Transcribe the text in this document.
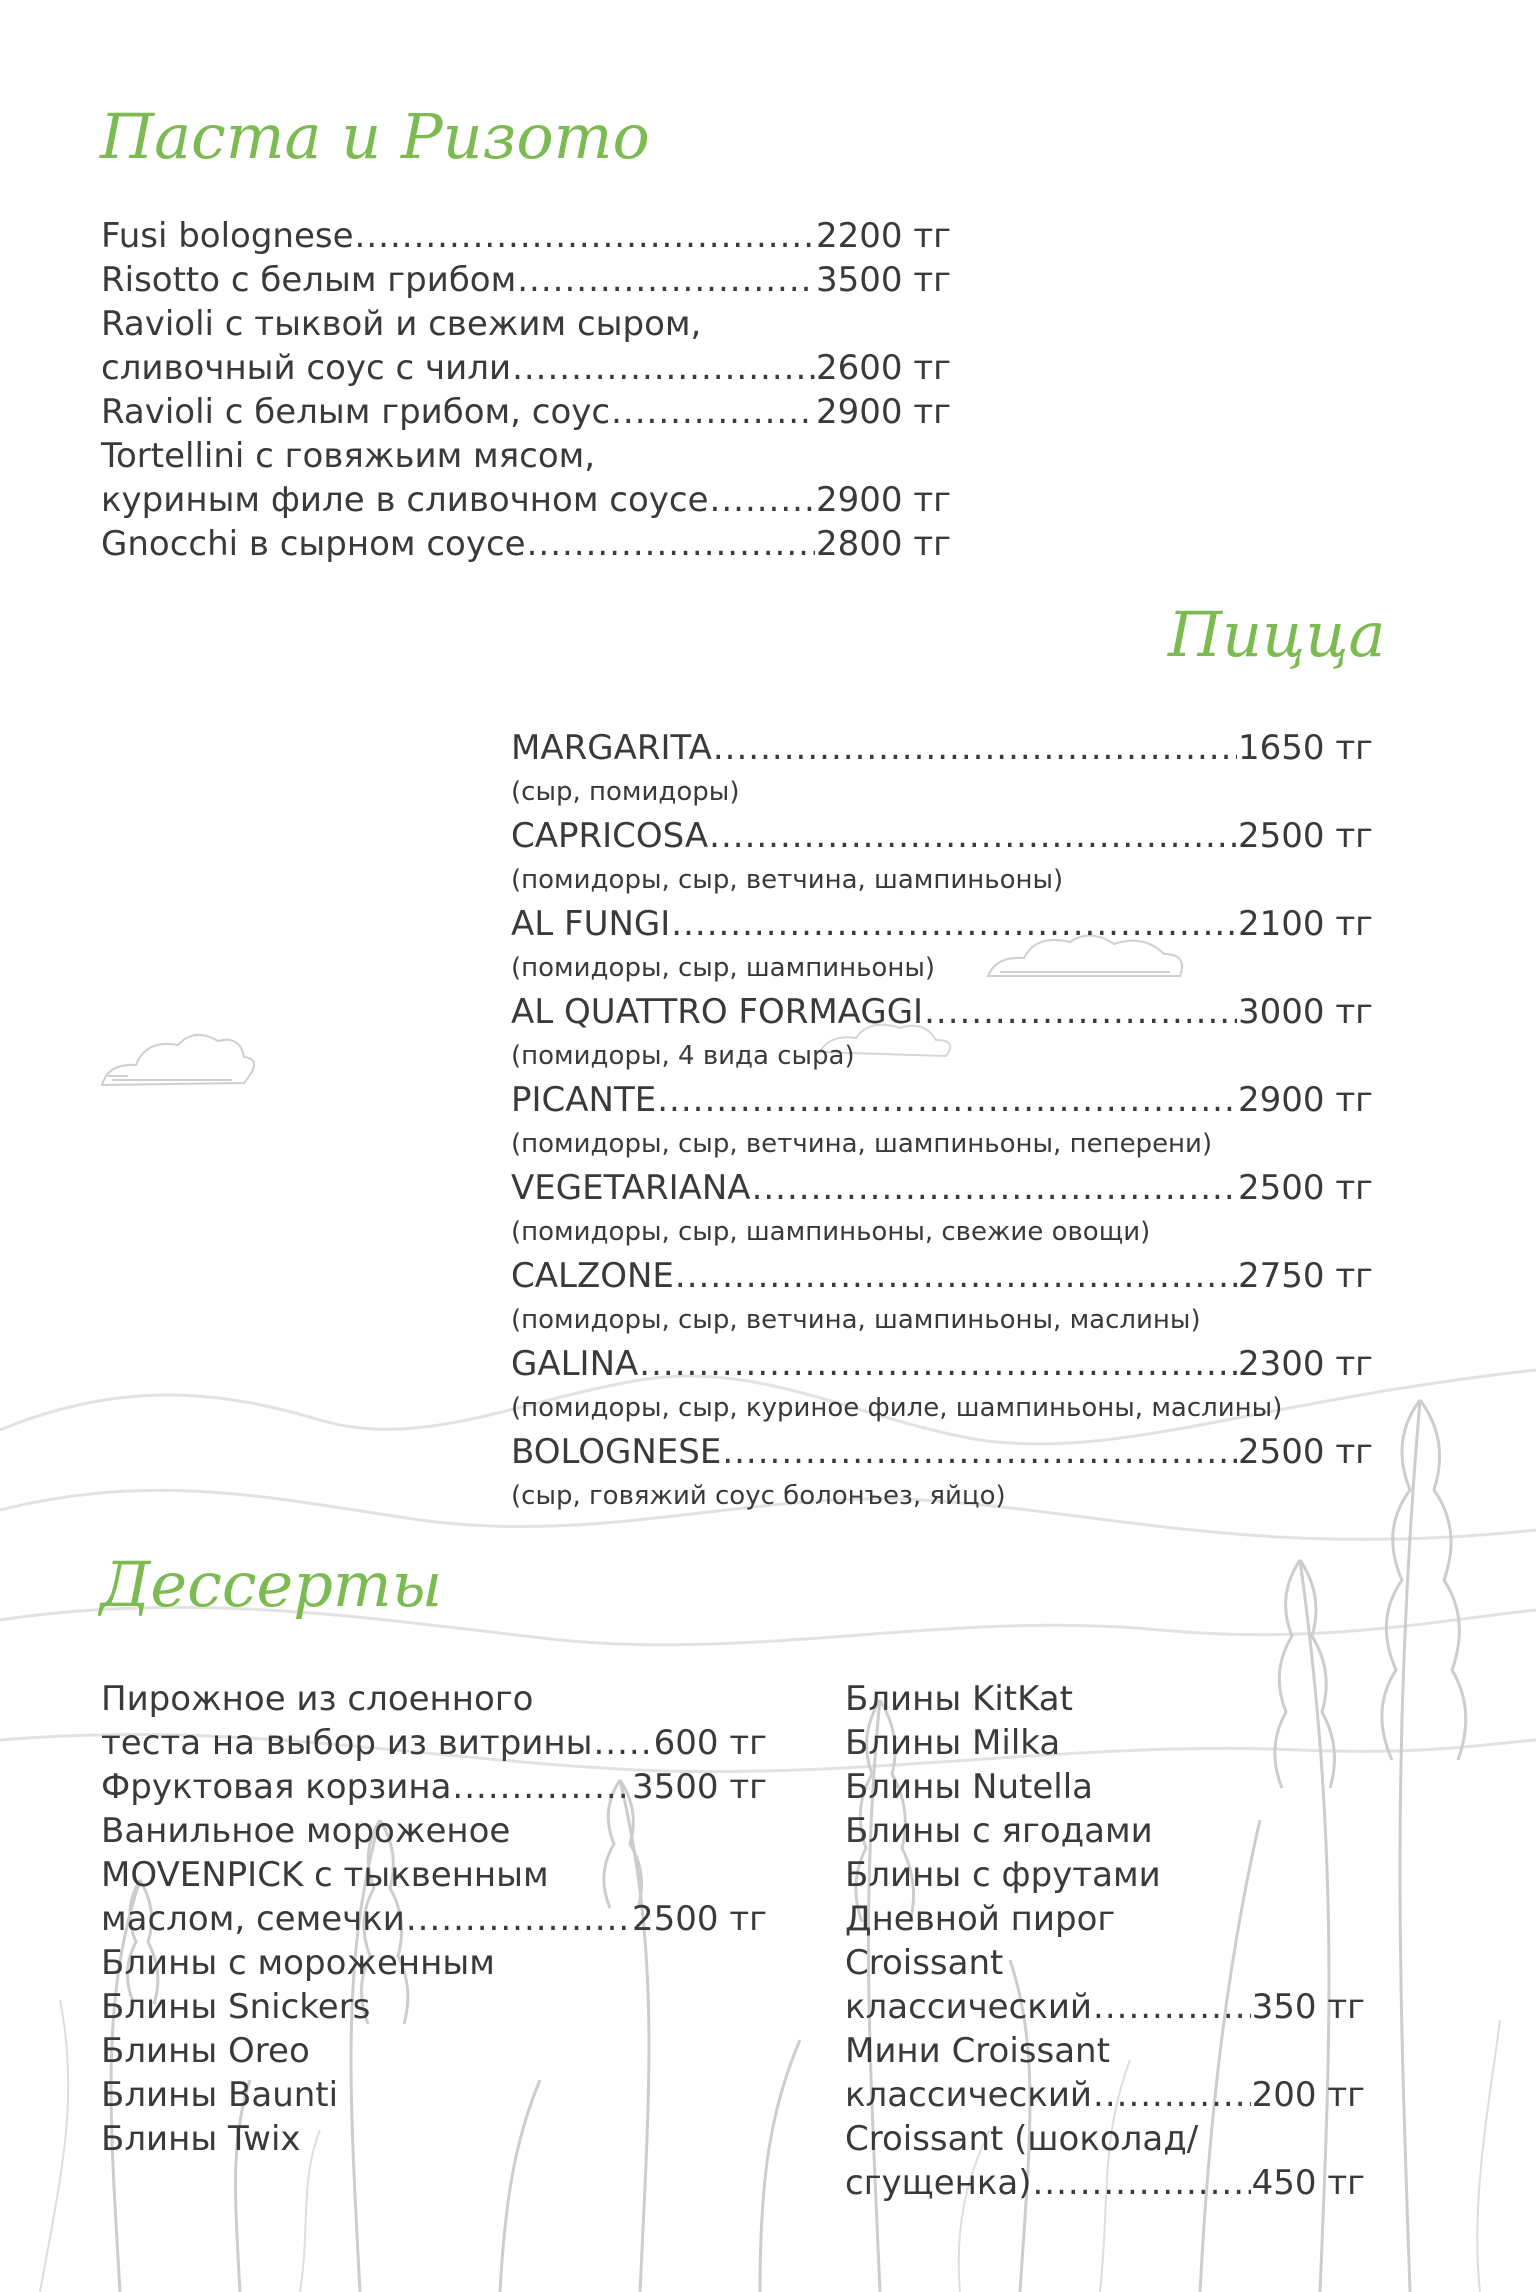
Паста и Ризото
Fusi bolognese .....	2200 тг
Risotto с белым грибом .....	3500 тг
Ravioli с тыквой и свежим сыром,
сливочный соус с чили .....	2600 тг
Ravioli с белым грибом, соус .....	2900 тг
Tortellini с говяжьим мясом,
куриным филе в сливочном соусе .....	2900 тг
Gnocchi в сырном соусе .....	2800 тг
Пицца
MARGARITA .....	1650 тг
(сыр, помидоры)
CAPRICOSA .....	2500 тг
(помидоры, сыр, ветчина, шампиньоны)
AL FUNGI .....	2100 тг
(помидоры, сыр, шампиньоны)
AL QUATTRO FORMAGGI .....	3000 тг
(помидоры, 4 вида сыра)
PICANTE .....	2900 тг
(помидоры, сыр, ветчина, шампиньоны, пеперени)
VEGETARIANA .....	2500 тг
(помидоры, сыр, шампиньоны, свежие овощи)
CALZONE .....	2750 тг
(помидоры, сыр, ветчина, шампиньоны, маслины)
GALINA .....	2300 тг
(помидоры, сыр, куриное филе, шампиньоны, маслины)
BOLOGNESE .....	2500 тг
(сыр, говяжий соус болонъез, яйцо)
Дессерты
Пирожное из слоенного
теста на выбор из витрины ..... 600 тг
Фруктовая корзина .....	3500 тг
Ванильное мороженое
MOVENPICK с тыквенным
маслом, семечки .....	2500 тг
Блины с мороженным
Блины Snickers
Блины Oreo
Блины Baunti
Блины Twix
Блины KitKat
Блины Milka
Блины Nutella
Блины с ягодами
Блины с фрутами
Дневной пирог
Croissant
классический .....	350 тг
Мини Croissant
классический .....	200 тг
Croissant (шоколад/
сгущенка) .....	450 тг
